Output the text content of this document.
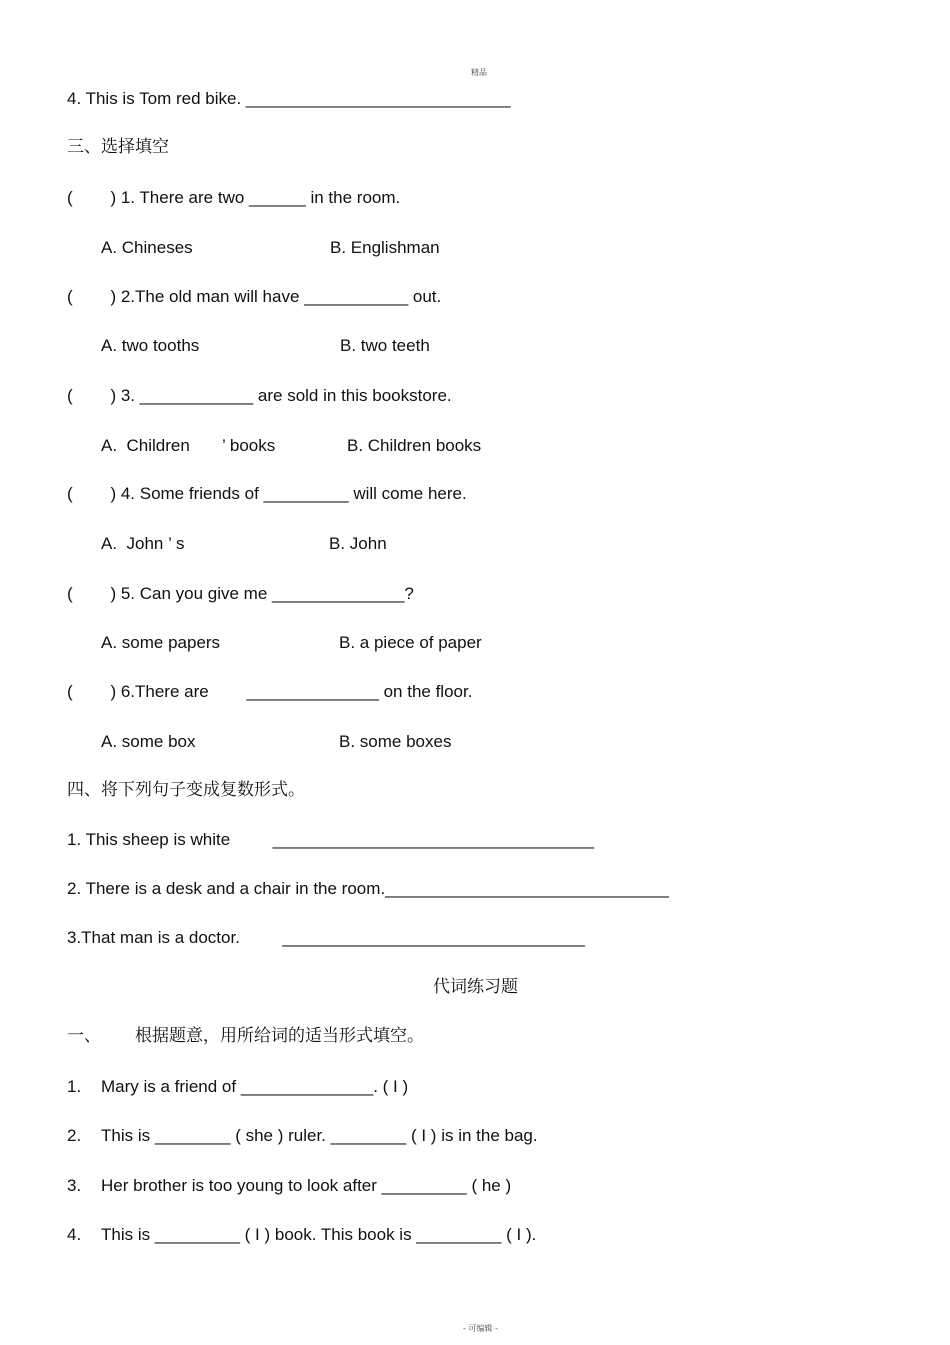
精品
4. This is Tom red bike. ____________________________
三、选择填空
(        ) 1. There are two ______ in the room.
A. Chineses	B. Englishman
(        ) 2.The old man will have ___________ out.
A. two tooths	B. two teeth
(        ) 3. ____________ are sold in this bookstore.
A.  Children ’ books	B. Children books
(        ) 4. Some friends of _________ will come here.
A.  John ’ s	B. John
(        ) 5. Can you give me ______________?
A. some papers	B. a piece of paper
(        ) 6.There are        ______________ on the floor.
A. some box	B. some boxes
四、将下列句子变成复数形式。
1. This sheep is white         __________________________________
2. There is a desk and a chair in the room.______________________________
3.That man is a doctor.         ________________________________
代词练习题
一、 根据题意，用所给词的适当形式填空。
1. Mary is a friend of ______________. ( I )
2. This is ________ ( she ) ruler. ________ ( I ) is in the bag.
3. Her brother is too young to look after _________ ( he )
4. This is _________ ( I ) book. This book is _________ ( I ).
- 可编辑 -
